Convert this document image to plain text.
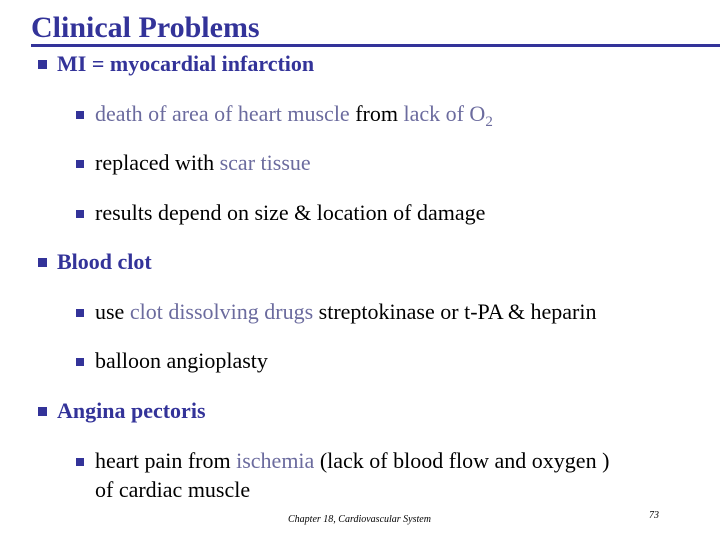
Clinical Problems
MI = myocardial infarction
death of area of heart muscle from lack of $O_2$
replaced with scar tissue
results depend on size & location of damage
Blood clot
use clot dissolving drugs streptokinase or t-PA & heparin
balloon angioplasty
Angina pectoris
heart pain from ischemia (lack of blood flow and oxygen )
of cardiac muscle
Chapter 18, Cardiovascular System	73
